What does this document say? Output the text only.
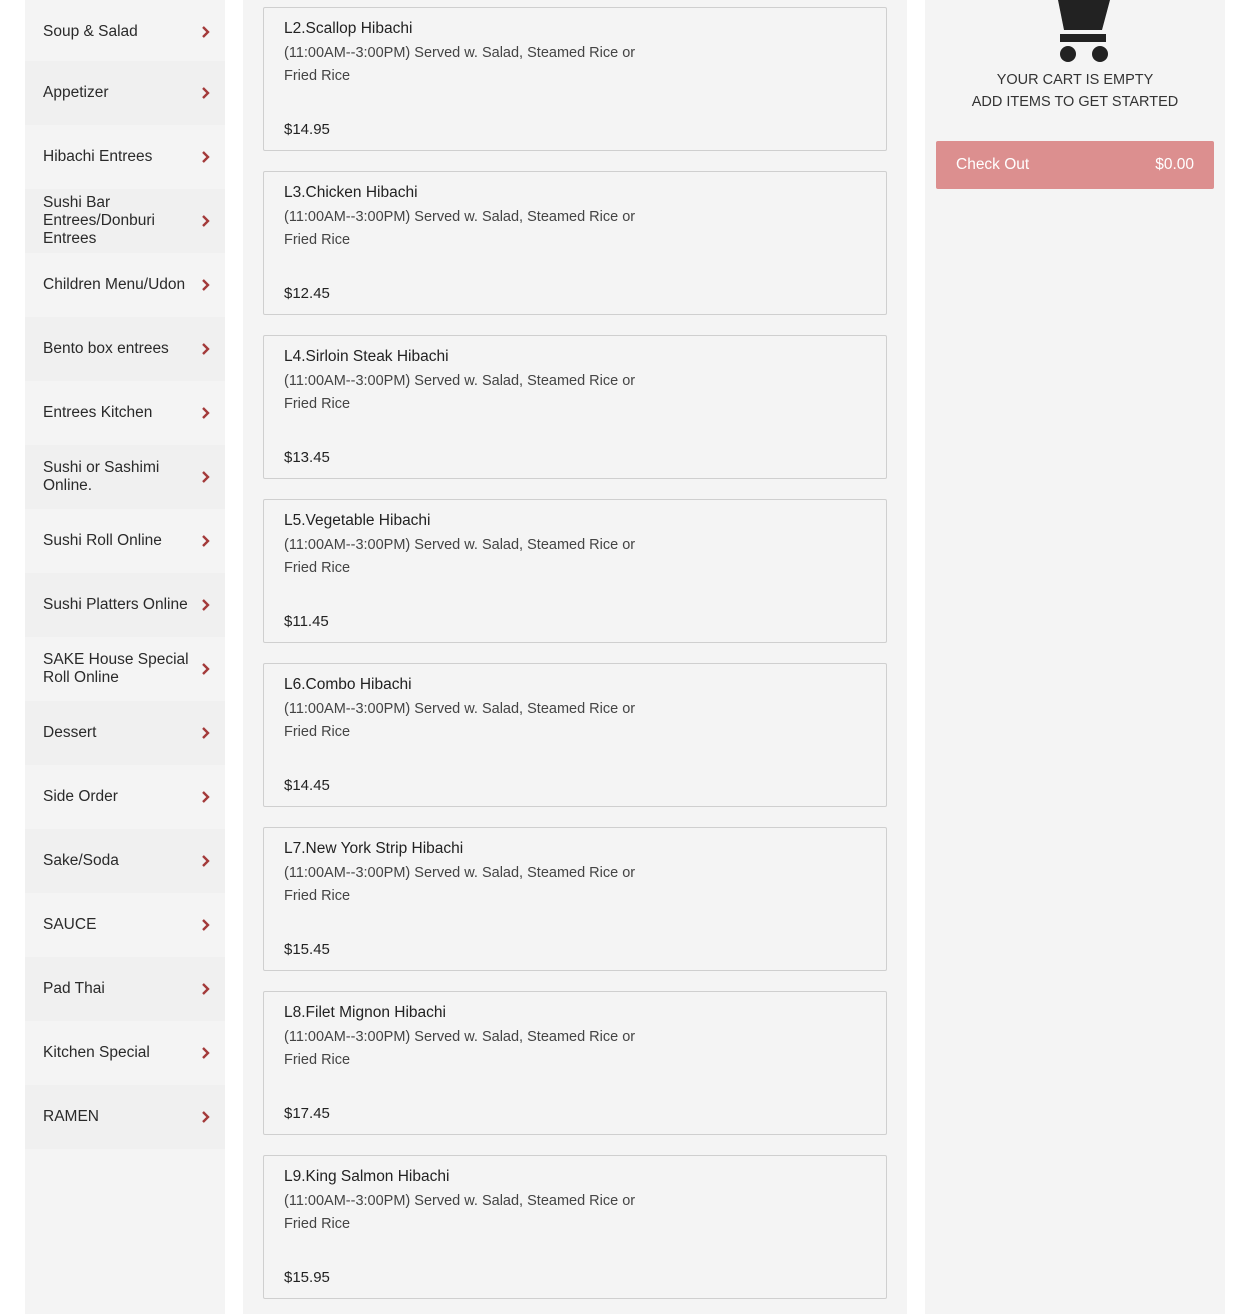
Soup & Salad
Appetizer
Hibachi Entrees
Sushi Bar Entrees/Donburi Entrees
Children Menu/Udon
Bento box entrees
Entrees Kitchen
Sushi or Sashimi Online.
Sushi Roll Online
Sushi Platters Online
SAKE House Special Roll Online
Dessert
Side Order
Sake/Soda
SAUCE
Pad Thai
Kitchen Special
RAMEN
L2.Scallop Hibachi
(11:00AM--3:00PM) Served w. Salad, Steamed Rice or Fried Rice
$14.95
L3.Chicken Hibachi
(11:00AM--3:00PM) Served w. Salad, Steamed Rice or Fried Rice
$12.45
L4.Sirloin Steak Hibachi
(11:00AM--3:00PM) Served w. Salad, Steamed Rice or Fried Rice
$13.45
L5.Vegetable Hibachi
(11:00AM--3:00PM) Served w. Salad, Steamed Rice or Fried Rice
$11.45
L6.Combo Hibachi
(11:00AM--3:00PM) Served w. Salad, Steamed Rice or Fried Rice
$14.45
L7.New York Strip Hibachi
(11:00AM--3:00PM) Served w. Salad, Steamed Rice or Fried Rice
$15.45
L8.Filet Mignon Hibachi
(11:00AM--3:00PM) Served w. Salad, Steamed Rice or Fried Rice
$17.45
L9.King Salmon Hibachi
(11:00AM--3:00PM) Served w. Salad, Steamed Rice or Fried Rice
$15.95
YOUR CART IS EMPTY
ADD ITEMS TO GET STARTED
Check Out	$0.00
